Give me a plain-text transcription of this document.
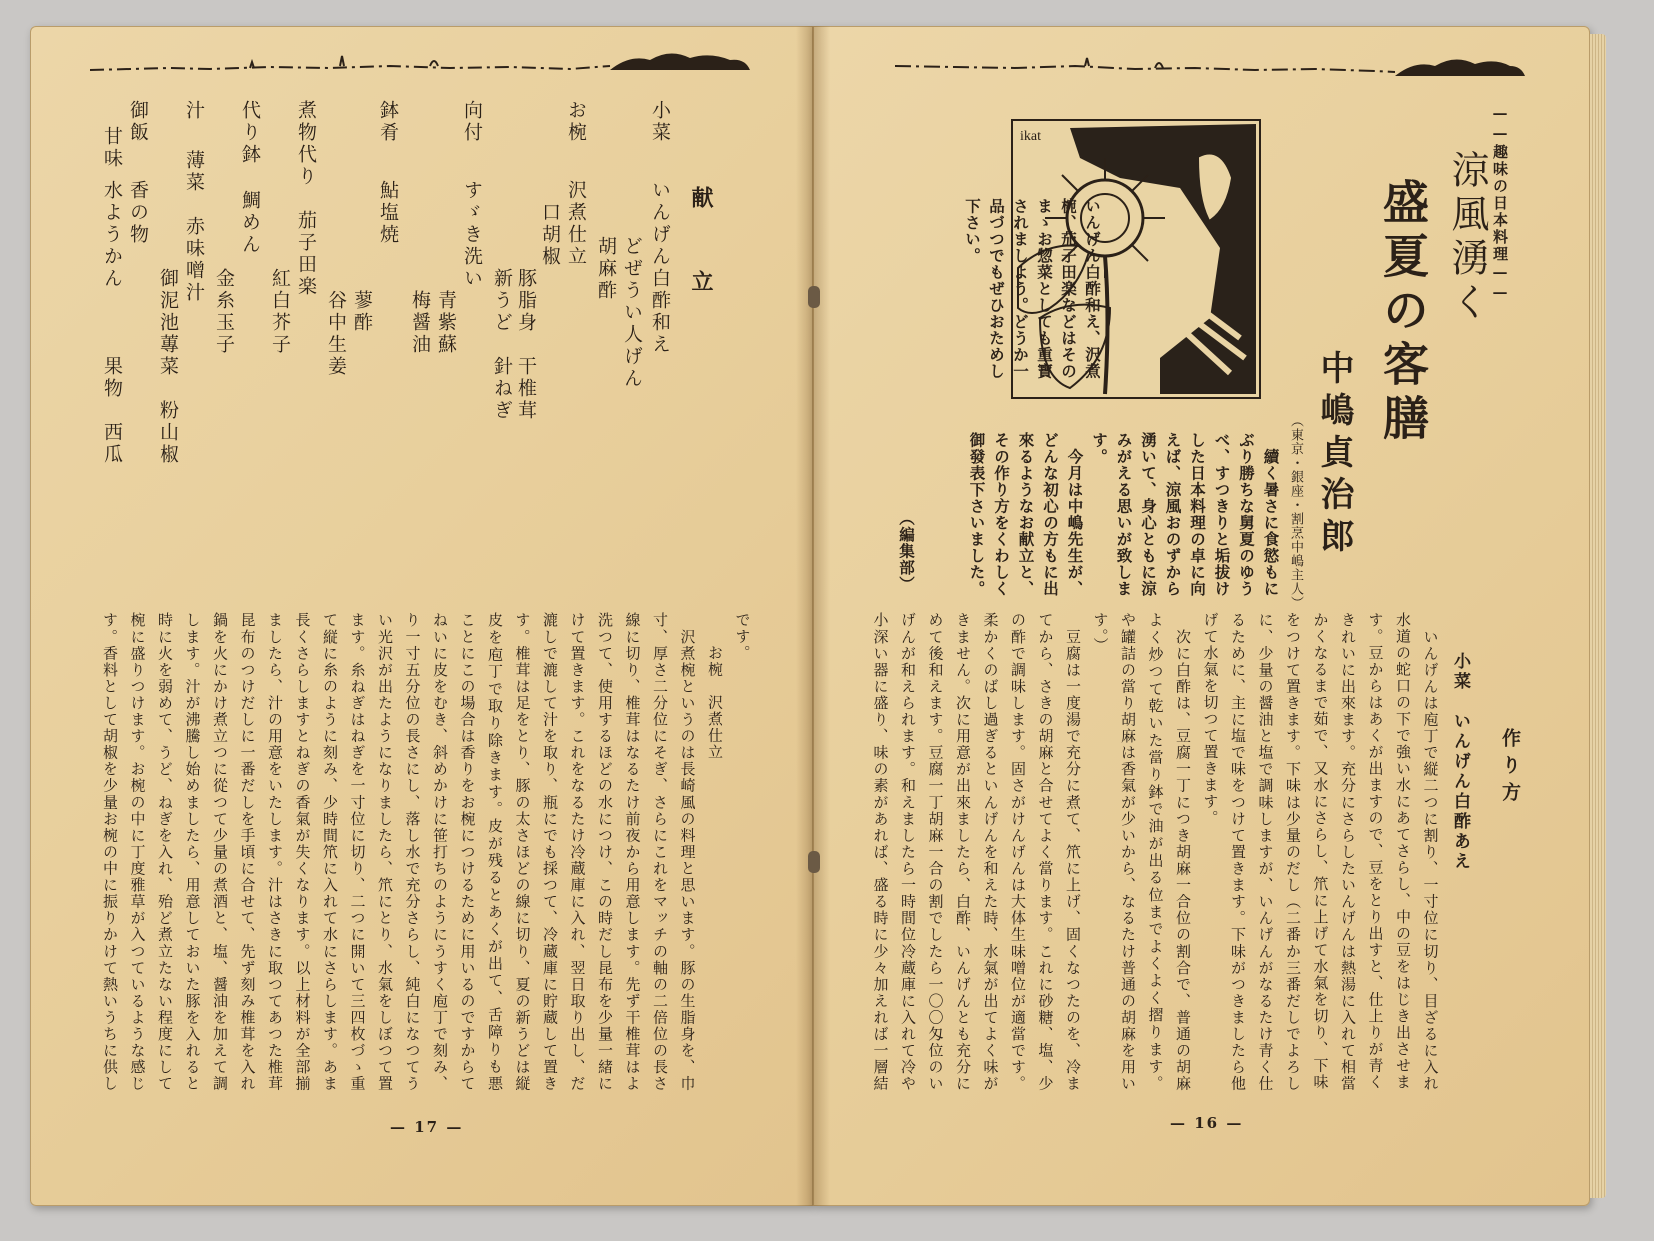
献　立
小菜
いんげん白酢和え
　　　どぜうい人げん
　　　胡麻酢
お椀
沢煮仕立
　口胡椒
　　　　豚脂身　干椎茸
　　　　新うど　針ねぎ
向付
すゞき洗い
　　　　　青紫蘇
　　　　　梅醤油
鉢肴
鮎塩焼
　　　　　蓼酢
　　　　　谷中生姜
煮物代り
茄子田楽
　　　　紅白芥子
代り鉢
鯛めん
　　　　金糸玉子
汁
薄菜　赤味噌汁
　　　　御泥池蓴菜　粉山椒
御飯
香の物
甘味
水ようかん　　　果物　西瓜
です。
　　お椀　沢煮仕立
　沢煮椀というのは長崎風の料理と思います。豚の生脂身を、巾
寸、厚さ二分位にそぎ、さらにこれをマッチの軸の二倍位の長さ
線に切り、椎茸はなるたけ前夜から用意します。先ず干椎茸はよ
洗つて、使用するほどの水につけ、この時だし昆布を少量一緒に
けて置きます。これをなるたけ冷蔵庫に入れ、翌日取り出し、だ
漉しで漉して汁を取り、瓶にでも採つて、冷蔵庫に貯蔵して置き
す。椎茸は足をとり、豚の太さほどの線に切り、夏の新うどは縦
皮を庖丁で取り除きます。皮が残るとあくが出て、舌障りも悪
ことにこの場合は香りをお椀につけるために用いるのですからて
ねいに皮をむき、斜めかけに笹打ちのようにうすく庖丁で刻み、
り一寸五分位の長さにし、落し水で充分さらし、純白になつてう
い光沢が出たようになりましたら、笊にとり、水氣をしぼつて置
ます。糸ねぎはねぎを一寸位に切り、二つに開いて三四枚づゝ重
て縦に糸のように刻み、少時間笊に入れて水にさらします。あま
長くさらしますとねぎの香氣が失くなります。以上材料が全部揃
ましたら、汁の用意をいたします。汁はさきに取つてあつた椎茸
昆布のつけだしに一番だしを手頃に合せて、先ず刻み椎茸を入れ
鍋を火にかけ煮立つに從つて少量の煮酒と、塩、醤油を加えて調
します。汁が沸騰し始めましたら、用意しておいた豚を入れると
時に火を弱めて、うど、ねぎを入れ、殆ど煮立たない程度にして
椀に盛りつけます。お椀の中に丁度雅草が入つているような感じ
す。香料として胡椒を少量お椀の中に振りかけて熱いうちに供し
— 17 —
——趣味の日本料理——
涼風湧く
盛夏の客膳
中嶋貞治郎
（東京・銀座・割烹中嶋主人）
ikat
いんげん白酢和え、沢煮椀、茄子田楽などはそのまゝお惣菜としても重寶されましよう。どうか一品づつでもぜひおためし下さい。
　續く暑さに食慾もに
ぶり勝ちな舅夏のゆう
べ、すつきりと垢拔け
した日本料理の卓に向
えば、涼風おのずから
湧いて、身心ともに涼
みがえる思いが致しま
す。
　今月は中嶋先生が、
どんな初心の方もに出
來るようなお献立と、
その作り方をくわしく
御發表下さいました。
（編集部）
作り方
小菜　いんげん白酢あえ
　いんげんは庖丁で縦二つに割り、一寸位に切り、目ざるに入れ
水道の蛇口の下で強い水にあてさらし、中の豆をはじき出させま
す。豆からはあくが出ますので、豆をとり出すと、仕上りが青く
きれいに出來ます。充分にさらしたいんげんは熱湯に入れて相當
かくなるまで茹で、又水にさらし、笊に上げて水氣を切り、下味
をつけて置きます。下味は少量のだし（二番か三番だしでよろし
に、少量の醤油と塩で調味しますが、いんげんがなるたけ青く仕
るために、主に塩で味をつけて置きます。下味がつきましたら他
げて水氣を切つて置きます。
　次に白酢は、豆腐一丁につき胡麻一合位の割合で、普通の胡麻
よく炒つて乾いた當り鉢で油が出る位までよくよく摺ります。
や罐詰の當り胡麻は香氣が少いから、なるたけ普通の胡麻を用い
す。）
　豆腐は一度湯で充分に煮て、笊に上げ、固くなつたのを、冷ま
てから、さきの胡麻と合せてよく當ります。これに砂糖、塩、少
の酢で調味します。固さがけんげんは大体生味噌位が適當です。
柔かくのばし過ぎるといんげんを和えた時、水氣が出てよく味が
きません。次に用意が出來ましたら、白酢、いんげんとも充分に
めて後和えます。豆腐一丁胡麻一合の割でしたら一〇〇匁位のい
げんが和えられます。和えましたら一時間位冷蔵庫に入れて冷や
小深い器に盛り、味の素があれば、盛る時に少々加えれば一層結
— 16 —
